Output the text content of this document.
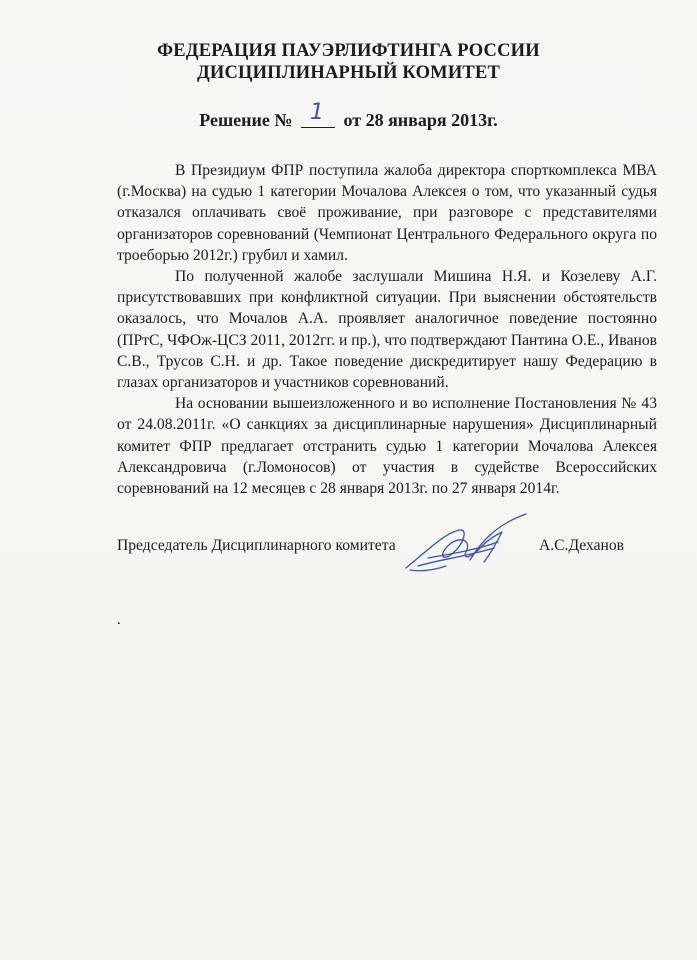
ФЕДЕРАЦИЯ ПАУЭРЛИФТИНГА РОССИИ
ДИСЦИПЛИНАРНЫЙ КОМИТЕТ
Решение № 1 от 28 января 2013г.

В Президиум ФПР поступила жалоба директора спорткомплекса МВА (г.Москва) на судью 1 категории Мочалова Алексея о том, что указанный судья отказался оплачивать своё проживание, при разговоре с представителями организаторов соревнований (Чемпионат Центрального Федерального округа по троеборью 2012г.) грубил и хамил.

По полученной жалобе заслушали Мишина Н.Я. и Козелеву А.Г. присутствовавших при конфликтной ситуации. При выяснении обстоятельств оказалось, что Мочалов А.А. проявляет аналогичное поведение постоянно (ПРтС, ЧФОж-ЦСЗ 2011, 2012гг. и пр.), что подтверждают Пантина О.Е., Иванов С.В., Трусов С.Н. и др. Такое поведение дискредитирует нашу Федерацию в глазах организаторов и участников соревнований.

На основании вышеизложенного и во исполнение Постановления № 43 от 24.08.2011г. «О санкциях за дисциплинарные нарушения» Дисциплинарный комитет ФПР предлагает отстранить судью 1 категории Мочалова Алексея Александровича (г.Ломоносов) от участия в судействе Всероссийских соревнований на 12 месяцев с 28 января 2013г. по 27 января 2014г.

Председатель Дисциплинарного комитета	А.С.Деханов
.
